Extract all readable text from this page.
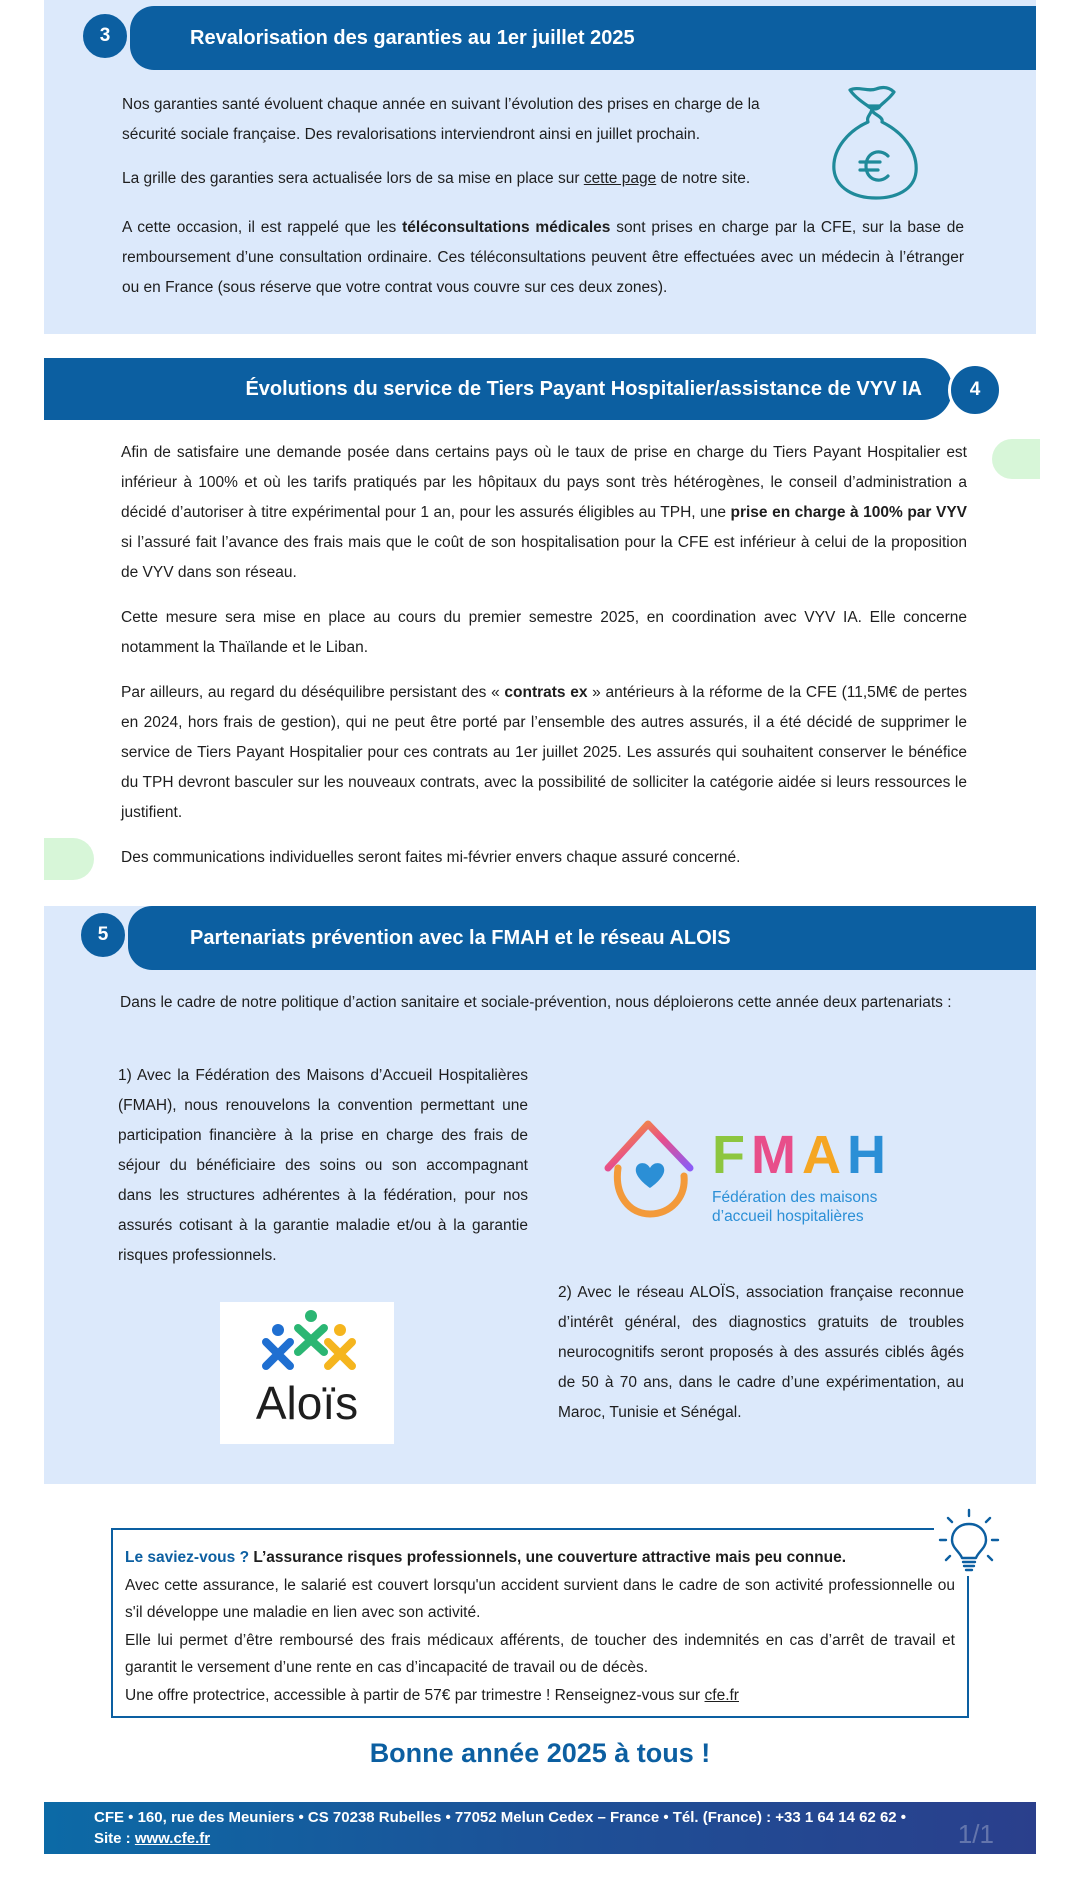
Revalorisation des garanties au 1er juillet 2025
3

Nos garanties santé évoluent chaque année en suivant l’évolution des prises en charge de la sécurité sociale française. Des revalorisations interviendront ainsi en juillet prochain.

La grille des garanties sera actualisée lors de sa mise en place sur cette page de notre site.

A cette occasion, il est rappelé que les téléconsultations médicales sont prises en charge par la CFE, sur la base de remboursement d’une consultation ordinaire. Ces téléconsultations peuvent être effectuées avec un médecin à l’étranger ou en France (sous réserve que votre contrat vous couvre sur ces deux zones).

Évolutions du service de Tiers Payant Hospitalier/assistance de VYV IA	4

Afin de satisfaire une demande posée dans certains pays où le taux de prise en charge du Tiers Payant Hospitalier est inférieur à 100% et où les tarifs pratiqués par les hôpitaux du pays sont très hétérogènes, le conseil d’administration a décidé d’autoriser à titre expérimental pour 1 an, pour les assurés éligibles au TPH, une prise en charge à 100% par VYV si l’assuré fait l’avance des frais mais que le coût de son hospitalisation pour la CFE est inférieur à celui de la proposition de VYV dans son réseau.

Cette mesure sera mise en place au cours du premier semestre 2025, en coordination avec VYV IA. Elle concerne notamment la Thaïlande et le Liban.

Par ailleurs, au regard du déséquilibre persistant des « contrats ex » antérieurs à la réforme de la CFE (11,5M€ de pertes en 2024, hors frais de gestion), qui ne peut être porté par l’ensemble des autres assurés, il a été décidé de supprimer le service de Tiers Payant Hospitalier pour ces contrats au 1er juillet 2025. Les assurés qui souhaitent conserver le bénéfice du TPH devront basculer sur les nouveaux contrats, avec la possibilité de solliciter la catégorie aidée si leurs ressources le justifient.

Des communications individuelles seront faites mi-février envers chaque assuré concerné.

Partenariats prévention avec la FMAH et le réseau ALOIS
5

Dans le cadre de notre politique d’action sanitaire et sociale-prévention, nous déploierons cette année deux partenariats :

1) Avec la Fédération des Maisons d’Accueil Hospitalières (FMAH), nous renouvelons la convention permettant une participation financière à la prise en charge des frais de séjour du bénéficiaire des soins ou son accompagnant dans les structures adhérentes à la fédération, pour nos assurés cotisant à la garantie maladie et/ou à la garantie risques professionnels.

FMAH
Fédération des maisons
d’accueil hospitalières
Aloïs

2) Avec le réseau ALOÏS, association française reconnue d’intérêt général, des diagnostics gratuits de troubles neurocognitifs seront proposés à des assurés ciblés âgés de 50 à 70 ans, dans le cadre d’une expérimentation, au Maroc, Tunisie et Sénégal.

Le saviez-vous ? L’assurance risques professionnels, une couverture attractive mais peu connue.

Avec cette assurance, le salarié est couvert lorsqu'un accident survient dans le cadre de son activité professionnelle ou s'il développe une maladie en lien avec son activité.

Elle lui permet d’être remboursé des frais médicaux afférents, de toucher des indemnités en cas d’arrêt de travail et garantit le versement d’une rente en cas d’incapacité de travail ou de décès.

Une offre protectrice, accessible à partir de 57€ par trimestre ! Renseignez-vous sur cfe.fr

Bonne année 2025 à tous !
CFE • 160, rue des Meuniers • CS 70238 Rubelles • 77052 Melun Cedex – France • Tél. (France) : +33 1 64 14 62 62 •
Site : www.cfe.fr	1/1
